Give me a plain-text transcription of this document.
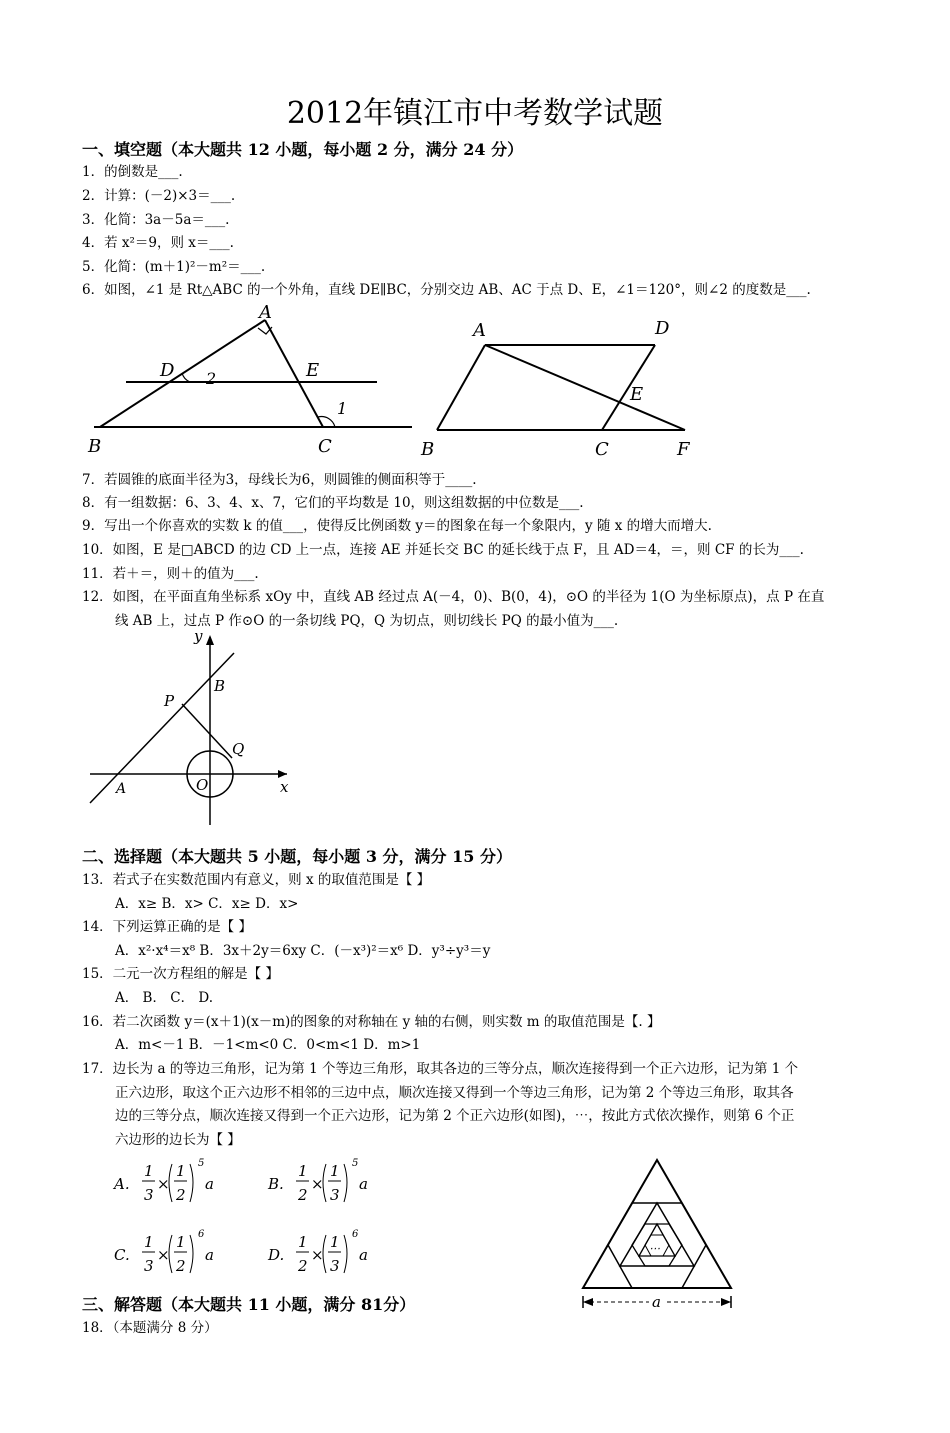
2012年镇江市中考数学试题
一、填空题（本大题共 12 小题，每小题 2 分，满分 24 分）
1．的倒数是___.
2．计算：(－2)×3＝___.
3．化简：3a－5a＝___.
4．若 x²＝9，则 x＝___.
5．化简：(m＋1)²－m²＝___.
6．如图，∠1 是 Rt△ABC 的一个外角，直线 DE∥BC，分别交边 AB、AC 于点 D、E，∠1＝120°，则∠2 的度数是___.
A
B	C
D	E
1
2
A	D
E
B	C	F
7．若圆锥的底面半径为3，母线长为6，则圆锥的侧面积等于____.
8．有一组数据：6、3、4、x、7，它们的平均数是 10，则这组数据的中位数是___.
9．写出一个你喜欢的实数 k 的值___，使得反比例函数 y＝的图象在每一个象限内，y 随 x 的增大而增大.
10．如图，E 是□ABCD 的边 CD 上一点，连接 AE 并延长交 BC 的延长线于点 F，且 AD＝4，＝，则 CF 的长为___.
11．若＋＝，则＋的值为___.
12．如图，在平面直角坐标系 xOy 中，直线 AB 经过点 A(－4，0)、B(0，4)，⊙O 的半径为 1(O 为坐标原点)，点 P 在直
线 AB 上，过点 P 作⊙O 的一条切线 PQ，Q 为切点，则切线长 PQ 的最小值为___.
y
x
A
B
P
Q
O
二、选择题（本大题共 5 小题，每小题 3 分，满分 15 分）
13．若式子在实数范围内有意义，则 x 的取值范围是【 】
A．x≥ B．x> C．x≥ D．x>
14．下列运算正确的是【 】
A．x²·x⁴＝x⁸ B．3x＋2y＝6xy C．(－x³)²＝x⁶ D．y³÷y³＝y
15．二元一次方程组的解是【 】
A． B． C． D.
16．若二次函数 y＝(x＋1)(x－m)的图象的对称轴在 y 轴的右侧，则实数 m 的取值范围是【. 】
A．m<－1 B．－1<m<0 C．0<m<1 D．m>1
17．边长为 a 的等边三角形，记为第 1 个等边三角形，取其各边的三等分点，顺次连接得到一个正六边形，记为第 1 个
正六边形，取这个正六边形不相邻的三边中点，顺次连接又得到一个等边三角形，记为第 2 个等边三角形，取其各
边的三等分点，顺次连接又得到一个正六边形，记为第 2 个正六边形(如图)，⋯，按此方式依次操作，则第 6 个正
六边形的边长为【 】
A.
1
3
×
1
2
5
a	B.
1
2
×
1
3
5
a
C.
1
3
×
1
2
6
a	D.
1
2
×
1
3
6
a	⋯
a
三、解答题（本大题共 11 小题，满分 81分）
18．（本题满分 8 分）
